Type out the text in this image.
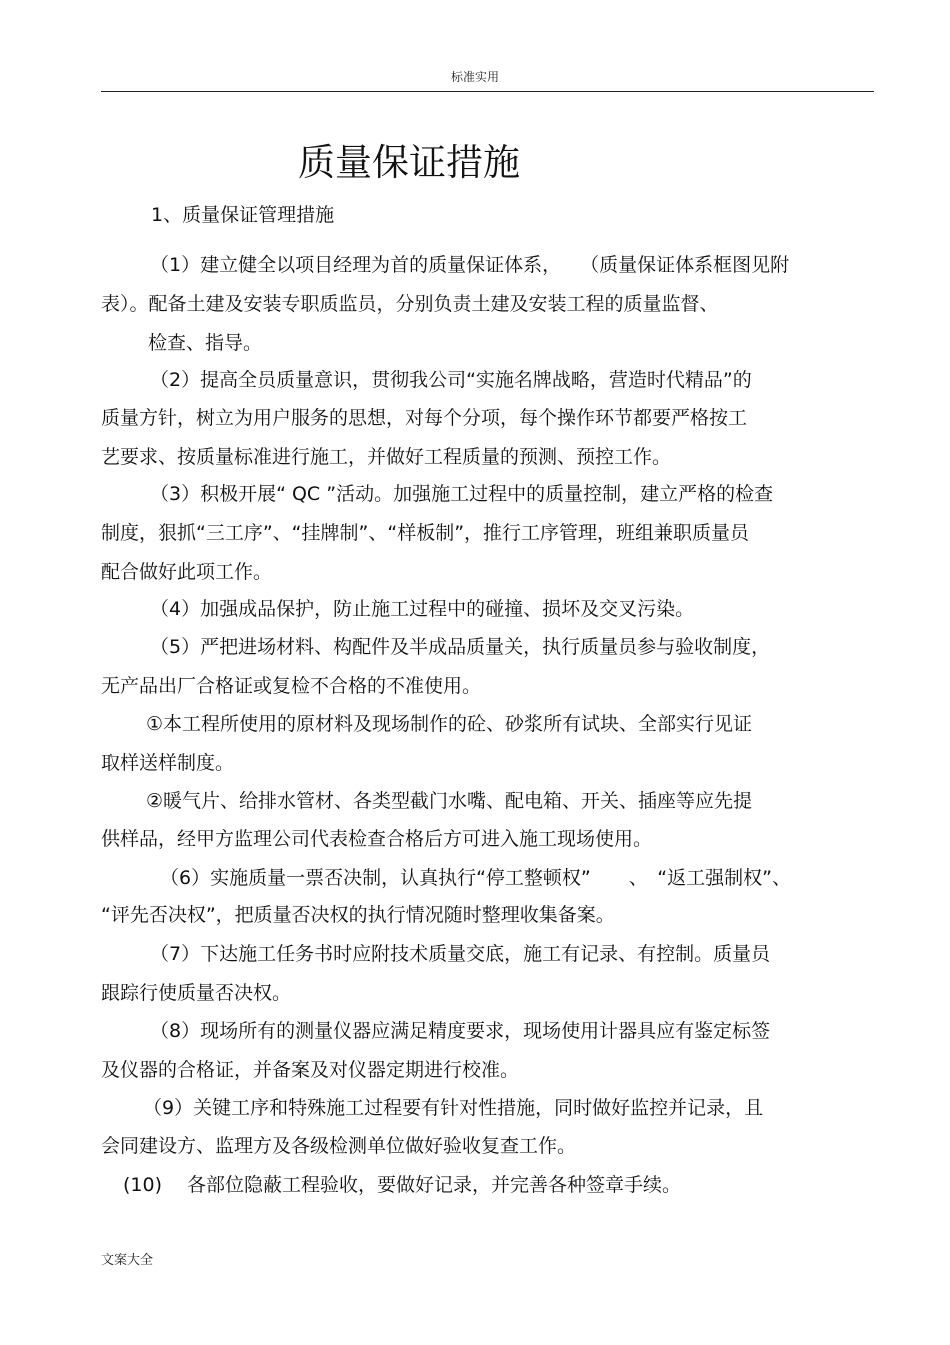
标准实用
质量保证措施
1、质量保证管理措施
（1）建立健全以项目经理为首的质量保证体系，　　（质量保证体系框图见附
表）。配备土建及安装专职质监员，分别负责土建及安装工程的质量监督、
检查、指导。
（2）提高全员质量意识，贯彻我公司“实施名牌战略，营造时代精品”的
质量方针，树立为用户服务的思想，对每个分项，每个操作环节都要严格按工
艺要求、按质量标准进行施工，并做好工程质量的预测、预控工作。
（3）积极开展“ QC ”活动。加强施工过程中的质量控制，建立严格的检查
制度，狠抓“三工序”、“挂牌制”、“样板制”，推行工序管理，班组兼职质量员
配合做好此项工作。
（4）加强成品保护，防止施工过程中的碰撞、损坏及交叉污染。
（5）严把进场材料、构配件及半成品质量关，执行质量员参与验收制度，
无产品出厂合格证或复检不合格的不准使用。
①本工程所使用的原材料及现场制作的砼、砂浆所有试块、全部实行见证
取样送样制度。
②暖气片、给排水管材、各类型截门水嘴、配电箱、开关、插座等应先提
供样品，经甲方监理公司代表检查合格后方可进入施工现场使用。
（6）实施质量一票否决制，认真执行“停工整顿权”　　、　“返工强制权”、
“评先否决权”，把质量否决权的执行情况随时整理收集备案。
（7）下达施工任务书时应附技术质量交底，施工有记录、有控制。质量员
跟踪行使质量否决权。
（8）现场所有的测量仪器应满足精度要求，现场使用计器具应有鉴定标签
及仪器的合格证，并备案及对仪器定期进行校准。
（9）关键工序和特殊施工过程要有针对性措施，同时做好监控并记录，且
会同建设方、监理方及各级检测单位做好验收复查工作。
(10)　 各部位隐蔽工程验收，要做好记录，并完善各种签章手续。
文案大全
